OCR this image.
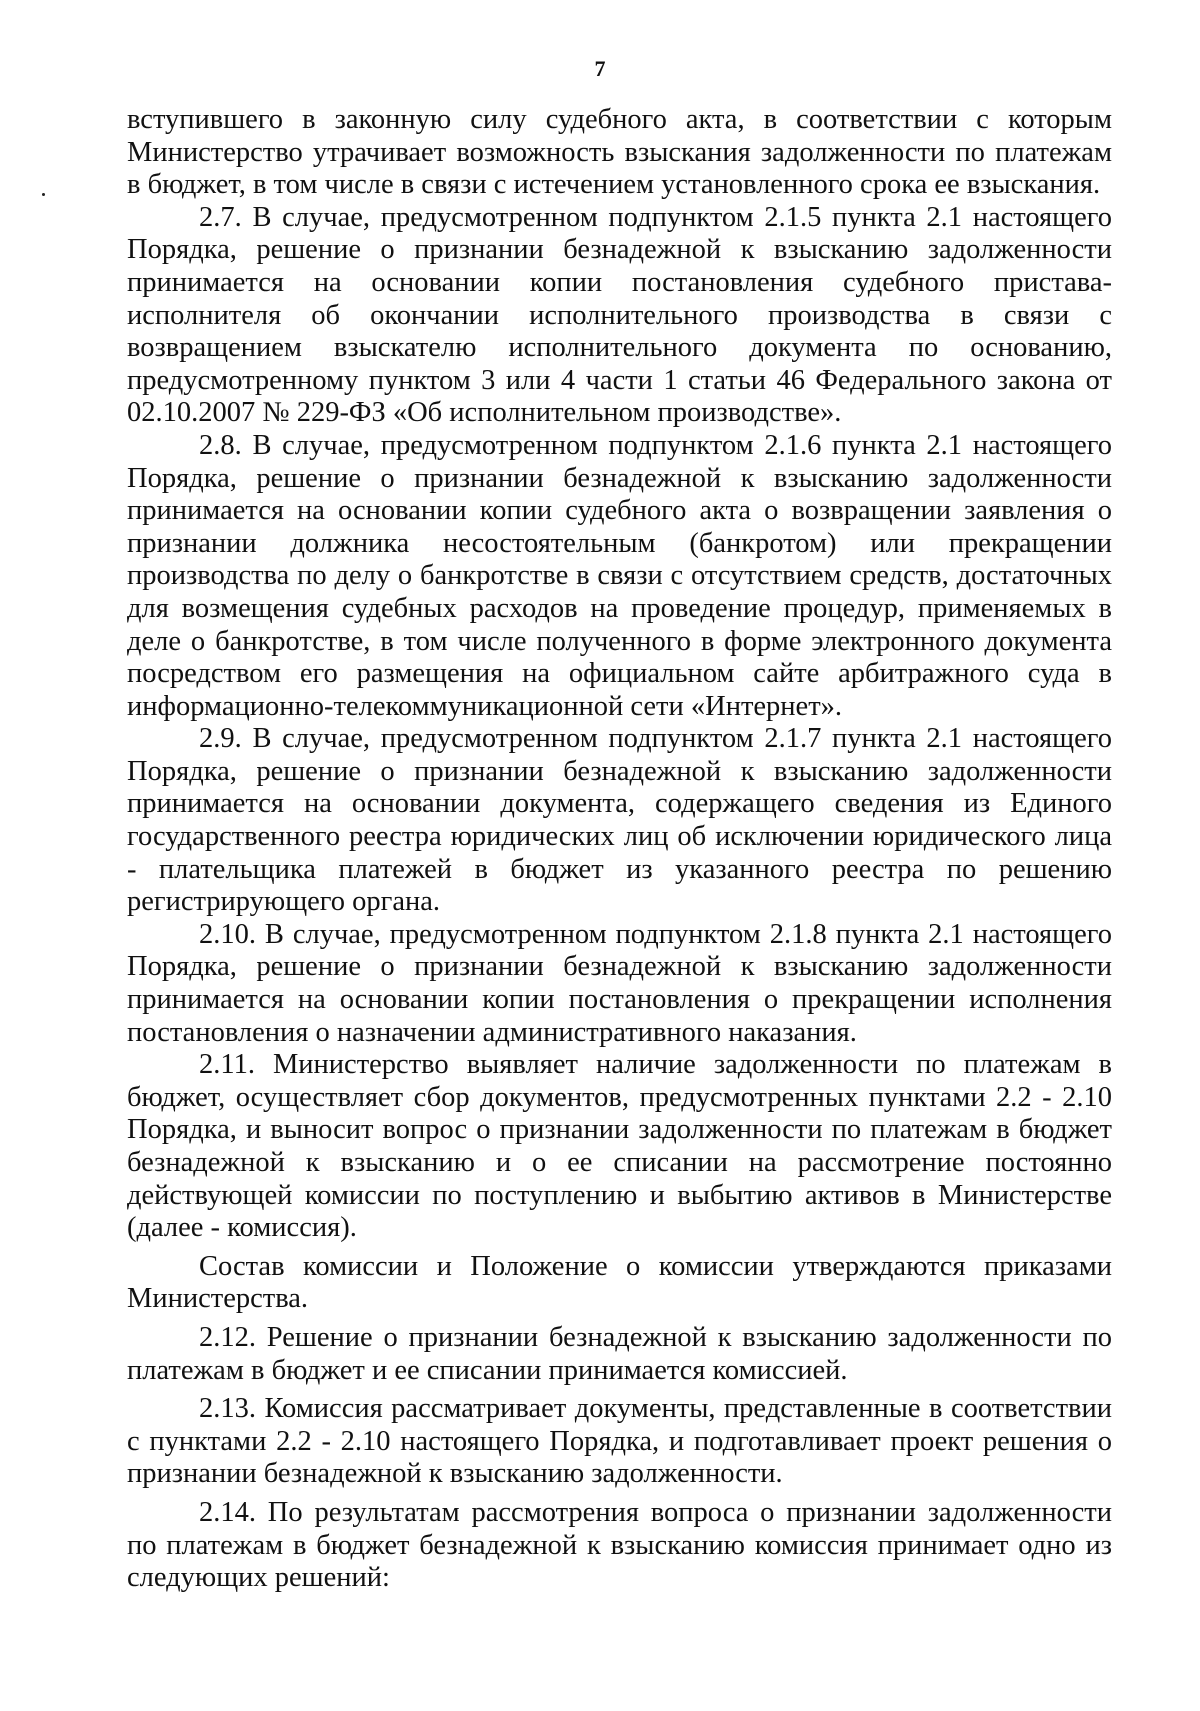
7

вступившего в законную силу судебного акта, в соответствии с которым Министерство утрачивает возможность взыскания задолженности по платежам в бюджет, в том числе в связи с истечением установленного срока ее взыскания.

2.7. В случае, предусмотренном подпунктом 2.1.5 пункта 2.1 настоящего Порядка, решение о признании безнадежной к взысканию задолженности принимается на основании копии постановления судебного пристава-исполнителя об окончании исполнительного производства в связи с возвращением взыскателю исполнительного документа по основанию, предусмотренному пунктом 3 или 4 части 1 статьи 46 Федерального закона от 02.10.2007 № 229-ФЗ «Об исполнительном производстве».

2.8. В случае, предусмотренном подпунктом 2.1.6 пункта 2.1 настоящего Порядка, решение о признании безнадежной к взысканию задолженности принимается на основании копии судебного акта о возвращении заявления о признании должника несостоятельным (банкротом) или прекращении производства по делу о банкротстве в связи с отсутствием средств, достаточных для возмещения судебных расходов на проведение процедур, применяемых в деле о банкротстве, в том числе полученного в форме электронного документа посредством его размещения на официальном сайте арбитражного суда в информационно-телекоммуникационной сети «Интернет».

2.9. В случае, предусмотренном подпунктом 2.1.7 пункта 2.1 настоящего Порядка, решение о признании безнадежной к взысканию задолженности принимается на основании документа, содержащего сведения из Единого государственного реестра юридических лиц об исключении юридического лица - плательщика платежей в бюджет из указанного реестра по решению регистрирующего органа.

2.10. В случае, предусмотренном подпунктом 2.1.8 пункта 2.1 настоящего Порядка, решение о признании безнадежной к взысканию задолженности принимается на основании копии постановления о прекращении исполнения постановления о назначении административного наказания.

2.11. Министерство выявляет наличие задолженности по платежам в бюджет, осуществляет сбор документов, предусмотренных пунктами 2.2 - 2.10 Порядка, и выносит вопрос о признании задолженности по платежам в бюджет безнадежной к взысканию и о ее списании на рассмотрение постоянно действующей комиссии по поступлению и выбытию активов в Министерстве (далее - комиссия).

Состав комиссии и Положение о комиссии утверждаются приказами Министерства.

2.12. Решение о признании безнадежной к взысканию задолженности по платежам в бюджет и ее списании принимается комиссией.

2.13. Комиссия рассматривает документы, представленные в соответствии с пунктами 2.2 - 2.10 настоящего Порядка, и подготавливает проект решения о признании безнадежной к взысканию задолженности.

2.14. По результатам рассмотрения вопроса о признании задолженности по платежам в бюджет безнадежной к взысканию комиссия принимает одно из следующих решений:
